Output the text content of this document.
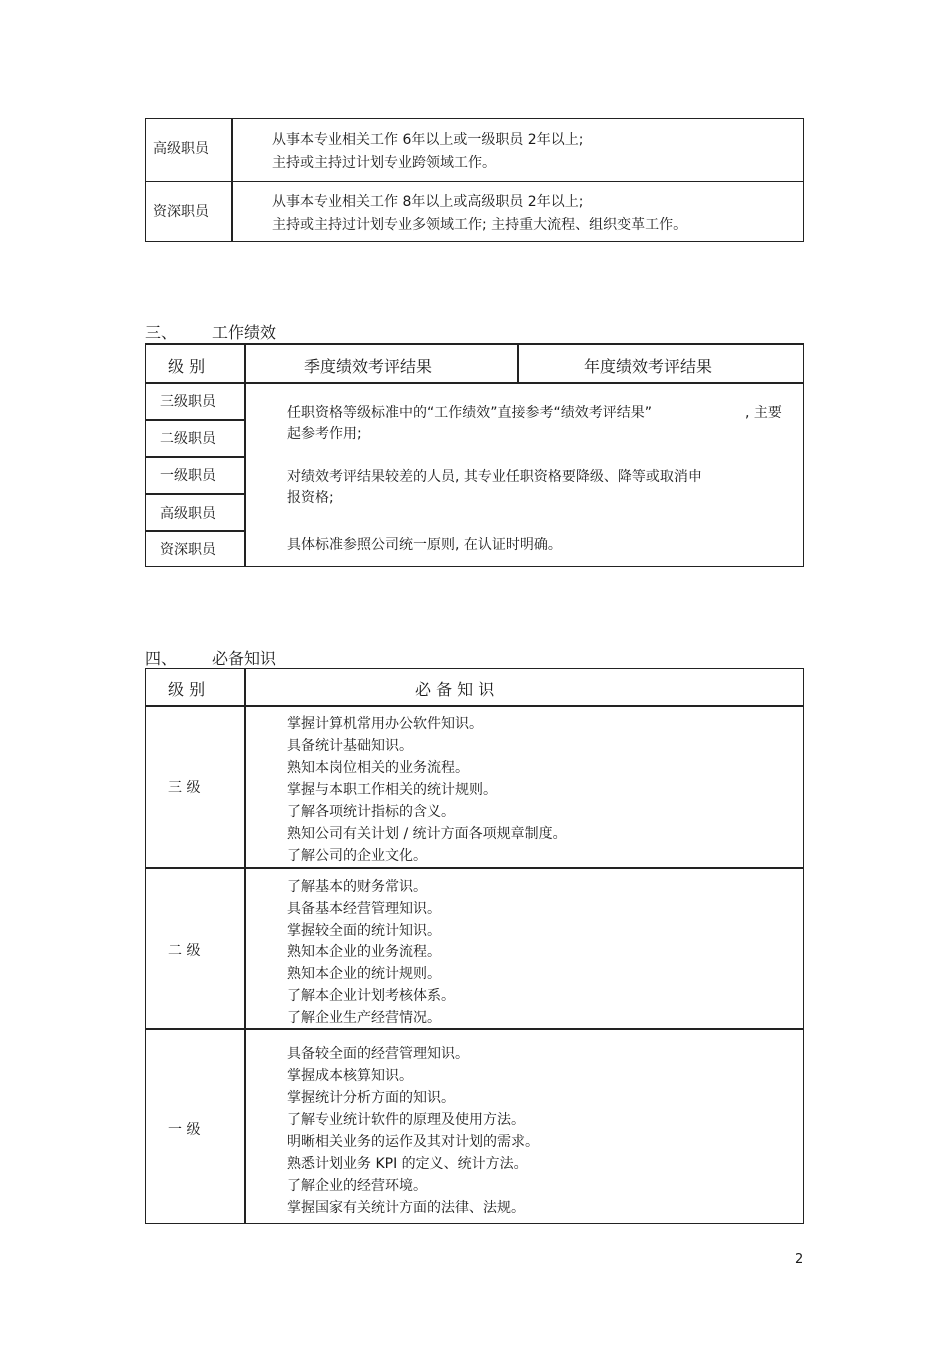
高级职员
从事本专业相关工作 6年以上或一级职员 2年以上;
主持或主持过计划专业跨领域工作。
资深职员
从事本专业相关工作 8年以上或高级职员 2年以上;
主持或主持过计划专业多领域工作; 主持重大流程、组织变革工作。
三、 工作绩效
级 别	季度绩效考评结果	年度绩效考评结果
三级职员
二级职员
一级职员
高级职员
资深职员
任职资格等级标准中的“工作绩效”直接参考“绩效考评结果”	, 主要
起参考作用;
对绩效考评结果较差的人员, 其专业任职资格要降级、降等或取消申
报资格;
具体标准参照公司统一原则, 在认证时明确。
四、 必备知识
级 别	必 备 知 识
三 级
掌握计算机常用办公软件知识。
具备统计基础知识。
熟知本岗位相关的业务流程。
掌握与本职工作相关的统计规则。
了解各项统计指标的含义。
熟知公司有关计划 / 统计方面各项规章制度。
了解公司的企业文化。
二 级
了解基本的财务常识。
具备基本经营管理知识。
掌握较全面的统计知识。
熟知本企业的业务流程。
熟知本企业的统计规则。
了解本企业计划考核体系。
了解企业生产经营情况。
一 级
具备较全面的经营管理知识。
掌握成本核算知识。
掌握统计分析方面的知识。
了解专业统计软件的原理及使用方法。
明晰相关业务的运作及其对计划的需求。
熟悉计划业务 KPI 的定义、统计方法。
了解企业的经营环境。
掌握国家有关统计方面的法律、法规。
2
